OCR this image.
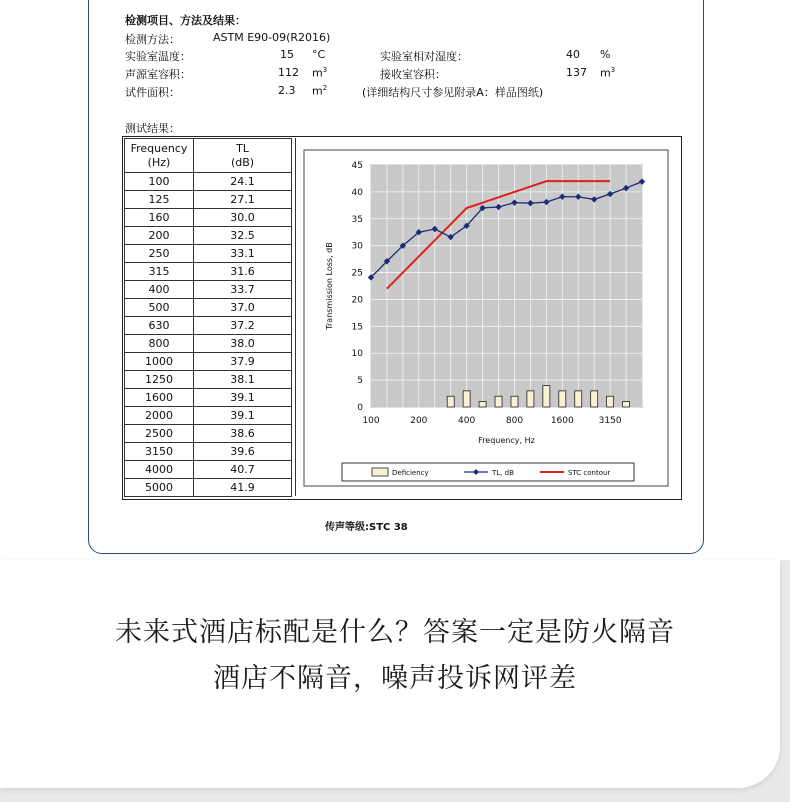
检测项目、方法及结果：
检测方法：	ASTM E90-09(R2016)
实验室温度：	15 °C	实验室相对湿度：	40 %
声源室容积：	112 $m^3$	接收室容积：	137 $m^3$
试件面积：	2.3 $m^2$	(详细结构尺寸参见附录A：样品图纸)
测试结果：
Frequency
(Hz)	TL
(dB)
100	24.1
125	27.1
160	30.0
200	32.5
250	33.1
315	31.6
400	33.7
500	37.0
630	37.2
800	38.0
1000	37.9
1250	38.1
1600	39.1
2000	39.1
2500	38.6
3150	39.6
4000	40.7
5000	41.9
0
5
10
15
20
25
30
35
40
45
100	200	400	800	1600	3150
Frequency, Hz
Transmission Loss, dB
Deficiency	TL, dB	STC contour
传声等级:STC 38
未来式酒店标配是什么？答案一定是防火隔音
酒店不隔音，噪声投诉网评差
